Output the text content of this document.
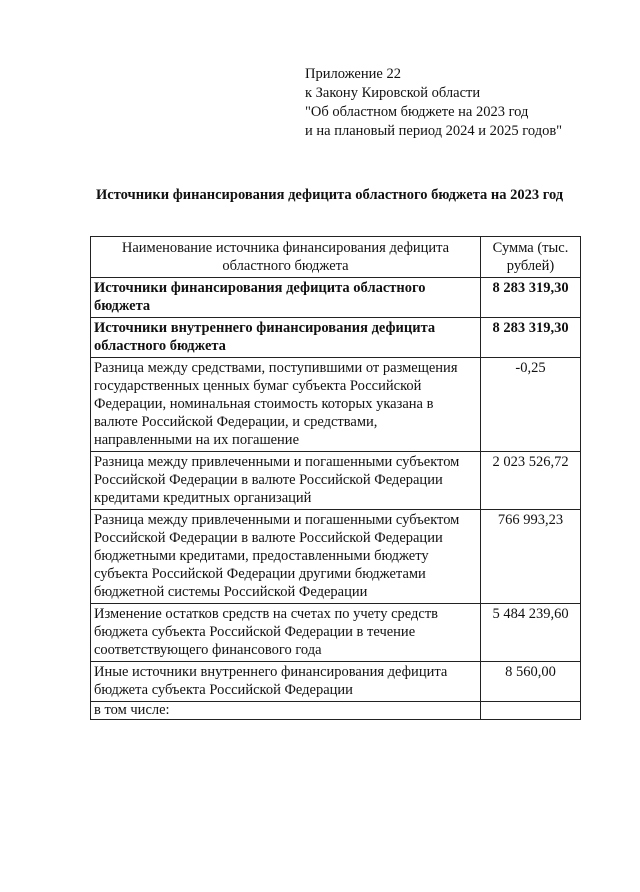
Приложение 22
к Закону Кировской области
"Об областном бюджете на 2023 год
и на плановый период 2024 и 2025 годов"
Источники финансирования дефицита областного бюджета на 2023 год
Наименование источника финансирования дефицита областного бюджета	Сумма (тыс. рублей)
Источники финансирования дефицита областного бюджета	8 283 319,30
Источники внутреннего финансирования дефицита областного бюджета	8 283 319,30
Разница между средствами, поступившими от размещения государственных ценных бумаг субъекта Российской Федерации, номинальная стоимость которых указана в валюте Российской Федерации, и средствами, направленными на их погашение	-0,25
Разница между привлеченными и погашенными субъектом Российской Федерации в валюте Российской Федерации кредитами кредитных организаций	2 023 526,72
Разница между привлеченными и погашенными субъектом Российской Федерации в валюте Российской Федерации бюджетными кредитами, предоставленными бюджету субъекта Российской Федерации другими бюджетами бюджетной системы Российской Федерации	766 993,23
Изменение остатков средств на счетах по учету средств бюджета субъекта Российской Федерации в течение соответствующего финансового года	5 484 239,60
Иные источники внутреннего финансирования дефицита бюджета субъекта Российской Федерации	8 560,00
в том числе:	
